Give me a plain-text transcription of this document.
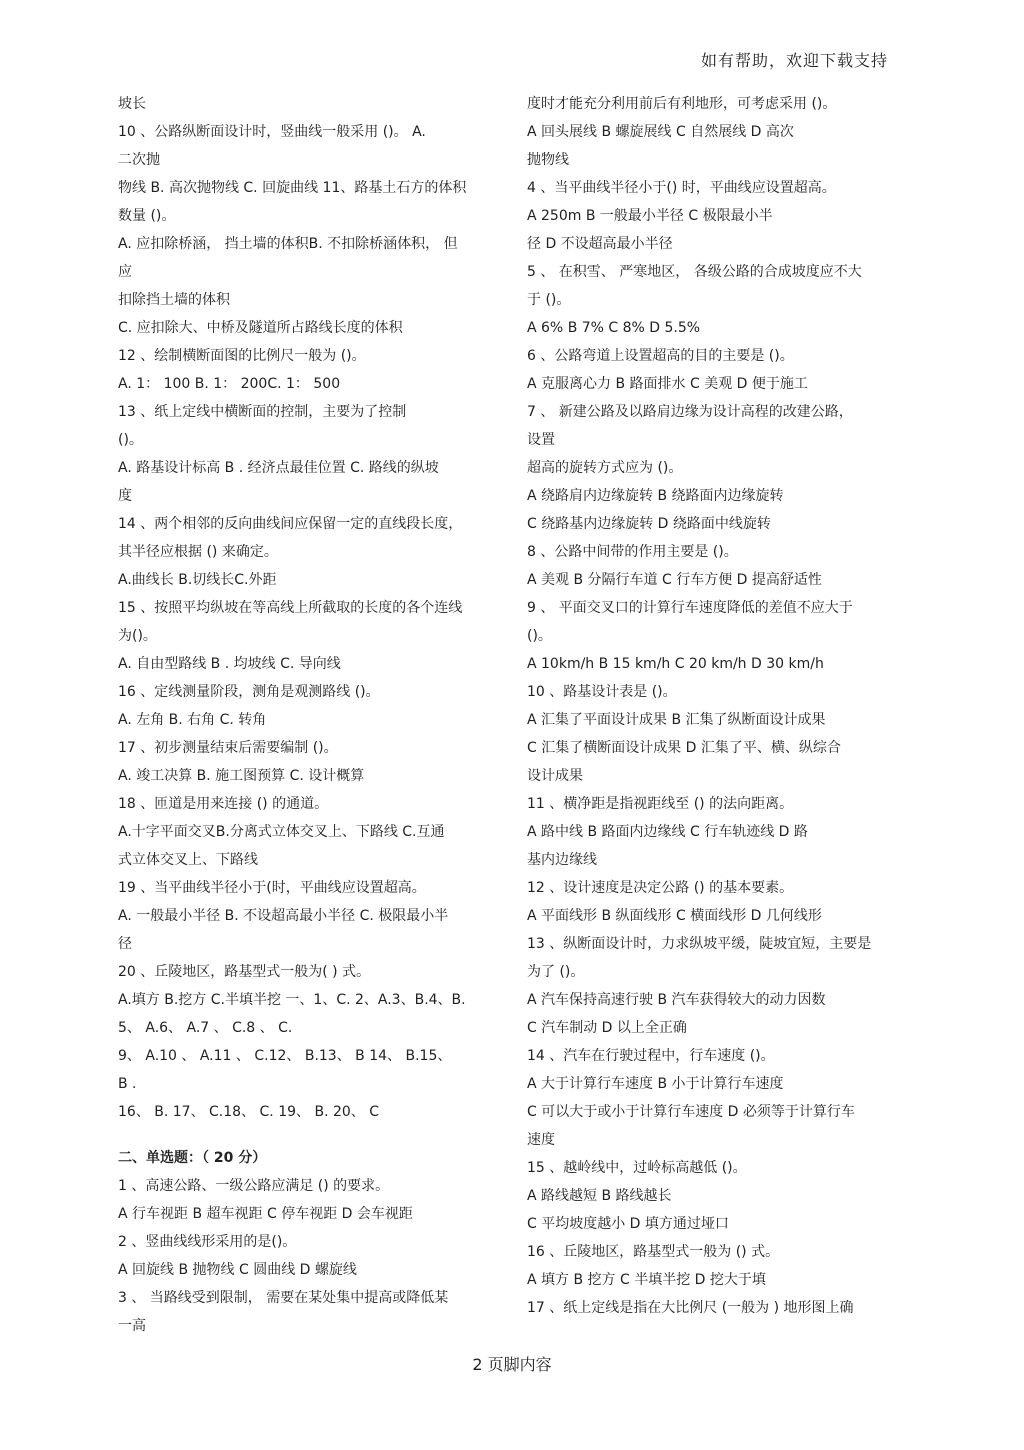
如有帮助，欢迎下载支持
坡长
10 、公路纵断面设计时，竖曲线一般采用 ()。 A.
二次抛
物线 B. 高次抛物线 C. 回旋曲线 11、路基土石方的体积
数量 ()。
A. 应扣除桥涵， 挡土墙的体积B. 不扣除桥涵体积， 但
应
扣除挡土墙的体积
C. 应扣除大、中桥及隧道所占路线长度的体积
12 、绘制横断面图的比例尺一般为 ()。
A. 1： 100 B. 1： 200C. 1： 500
13 、纸上定线中横断面的控制，主要为了控制
()。
A. 路基设计标高 B . 经济点最佳位置 C. 路线的纵坡
度
14 、两个相邻的反向曲线间应保留一定的直线段长度，
其半径应根据 () 来确定。
A.曲线长 B.切线长C.外距
15 、按照平均纵坡在等高线上所截取的长度的各个连线
为()。
A. 自由型路线 B . 均坡线 C. 导向线
16 、定线测量阶段，测角是观测路线 ()。
A. 左角 B. 右角 C. 转角
17 、初步测量结束后需要编制 ()。
A. 竣工决算 B. 施工图预算 C. 设计概算
18 、匝道是用来连接 () 的通道。
A.十字平面交叉B.分离式立体交叉上、下路线 C.互通
式立体交叉上、下路线
19 、当平曲线半径小于(时，平曲线应设置超高。
A. 一般最小半径 B. 不设超高最小半径 C. 极限最小半
径
20 、丘陵地区，路基型式一般为( ) 式。
A.填方 B.挖方 C.半填半挖 一、1、C. 2、A.3、B.4、B.
5、 A.6、 A.7 、 C.8 、 C.
9、 A.10 、 A.11 、 C.12、 B.13、 B 14、 B.15、
B .
16、 B. 17、 C.18、 C. 19、 B. 20、 C
二、单选题：（ 20 分）
1 、高速公路、一级公路应满足 () 的要求。
A 行车视距 B 超车视距 C 停车视距 D 会车视距
2 、竖曲线线形采用的是()。
A 回旋线 B 抛物线 C 圆曲线 D 螺旋线
3 、 当路线受到限制， 需要在某处集中提高或降低某
一高
度时才能充分利用前后有利地形，可考虑采用 ()。
A 回头展线 B 螺旋展线 C 自然展线 D 高次
抛物线
4 、当平曲线半径小于() 时，平曲线应设置超高。
A 250m B 一般最小半径 C 极限最小半
径 D 不设超高最小半径
5 、 在积雪、 严寒地区， 各级公路的合成坡度应不大
于 ()。
A 6% B 7% C 8% D 5.5%
6 、公路弯道上设置超高的目的主要是 ()。
A 克服离心力 B 路面排水 C 美观 D 便于施工
7 、 新建公路及以路肩边缘为设计高程的改建公路，
设置
超高的旋转方式应为 ()。
A 绕路肩内边缘旋转 B 绕路面内边缘旋转
C 绕路基内边缘旋转 D 绕路面中线旋转
8 、公路中间带的作用主要是 ()。
A 美观 B 分隔行车道 C 行车方便 D 提高舒适性
9 、 平面交叉口的计算行车速度降低的差值不应大于
()。
A 10km/h B 15 km/h C 20 km/h D 30 km/h
10 、路基设计表是 ()。
A 汇集了平面设计成果 B 汇集了纵断面设计成果
C 汇集了横断面设计成果 D 汇集了平、横、纵综合
设计成果
11 、横净距是指视距线至 () 的法向距离。
A 路中线 B 路面内边缘线 C 行车轨迹线 D 路
基内边缘线
12 、设计速度是决定公路 () 的基本要素。
A 平面线形 B 纵面线形 C 横面线形 D 几何线形
13 、纵断面设计时，力求纵坡平缓，陡坡宜短，主要是
为了 ()。
A 汽车保持高速行驶 B 汽车获得较大的动力因数
C 汽车制动 D 以上全正确
14 、汽车在行驶过程中，行车速度 ()。
A 大于计算行车速度 B 小于计算行车速度
C 可以大于或小于计算行车速度 D 必须等于计算行车
速度
15 、越岭线中，过岭标高越低 ()。
A 路线越短 B 路线越长
C 平均坡度越小 D 填方通过垭口
16 、丘陵地区，路基型式一般为 () 式。
A 填方 B 挖方 C 半填半挖 D 挖大于填
17 、纸上定线是指在大比例尺 (一般为 ) 地形图上确
2 页脚内容
